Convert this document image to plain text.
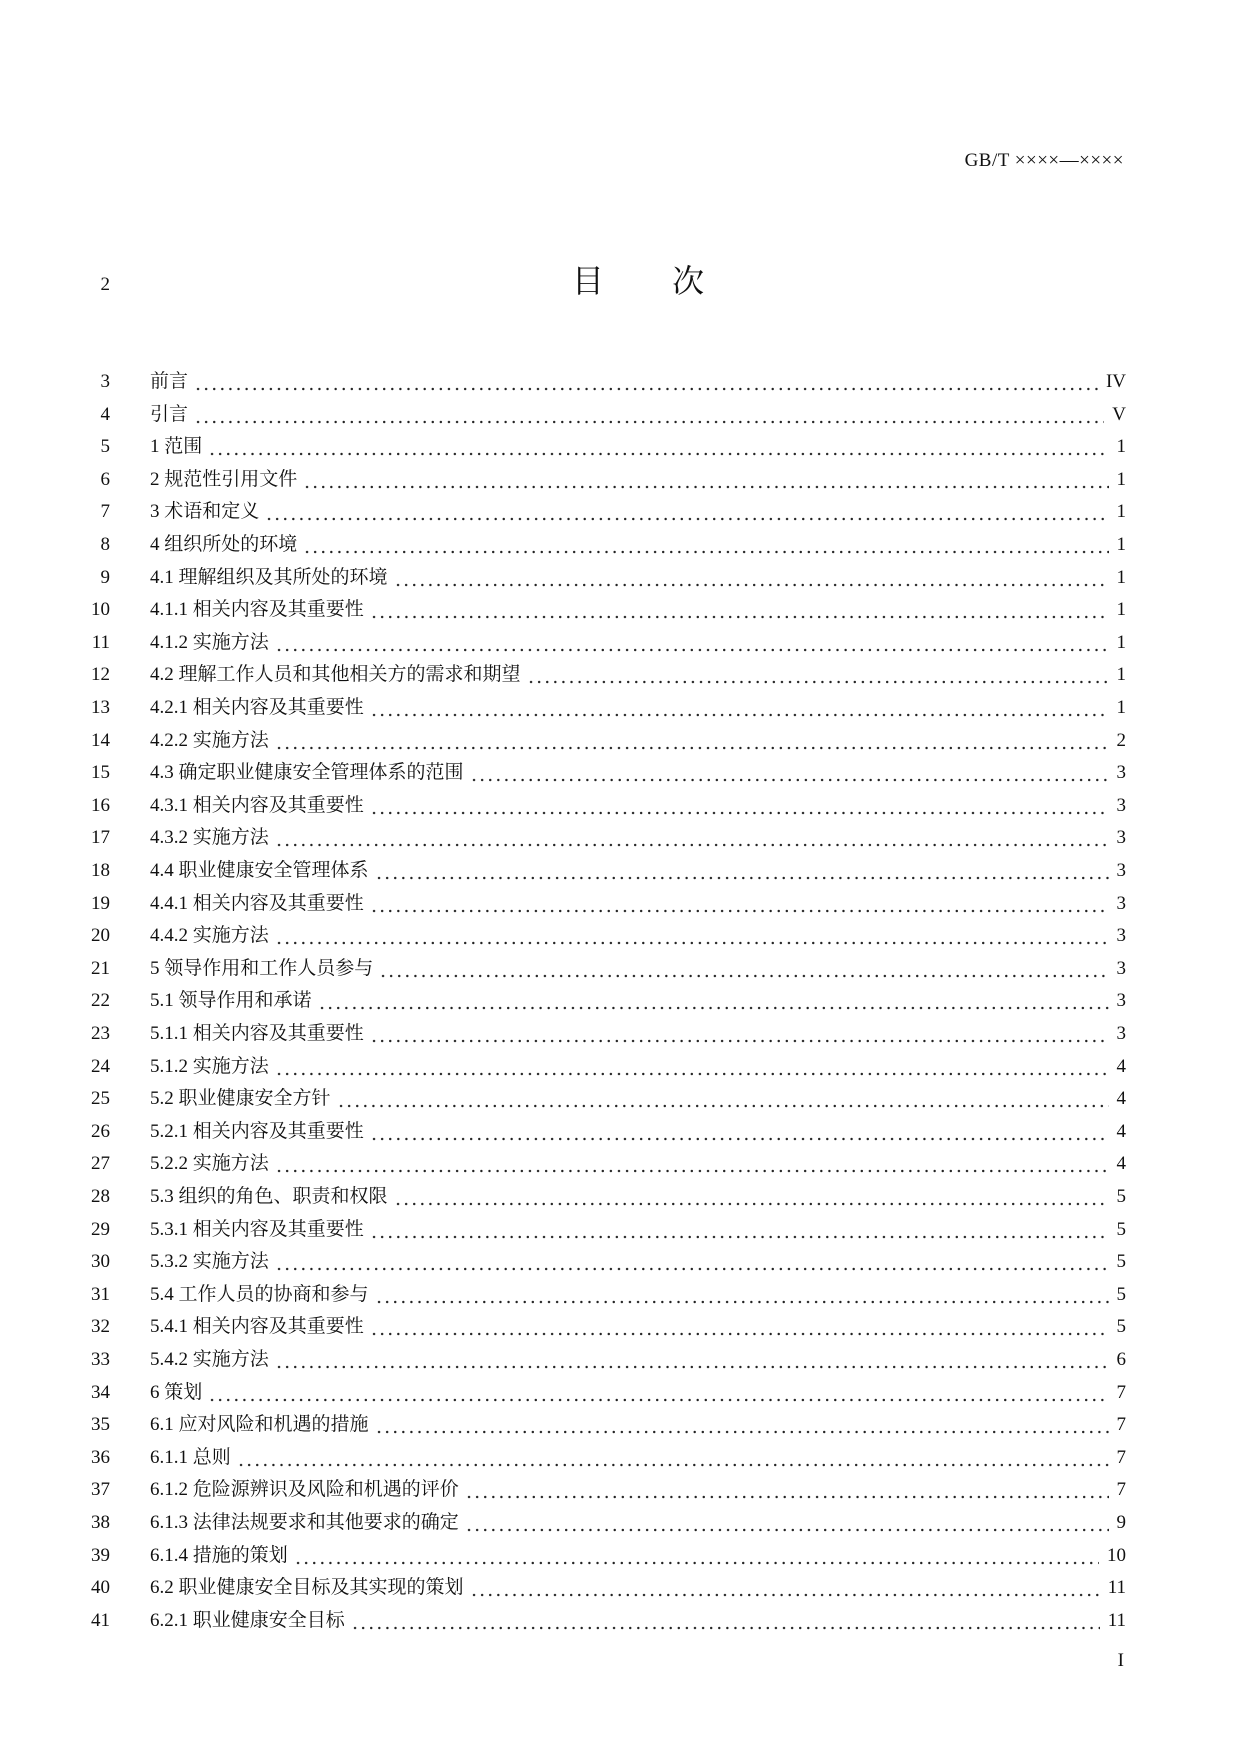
GB/T ××××—××××
2	目 次
3 前言	IV
4 引言	V
5 1 范围	1
6 2 规范性引用文件	1
7 3 术语和定义	1
8 4 组织所处的环境	1
9 4.1 理解组织及其所处的环境	1
10 4.1.1 相关内容及其重要性	1
11 4.1.2 实施方法	1
12 4.2 理解工作人员和其他相关方的需求和期望	1
13 4.2.1 相关内容及其重要性	1
14 4.2.2 实施方法	2
15 4.3 确定职业健康安全管理体系的范围	3
16 4.3.1 相关内容及其重要性	3
17 4.3.2 实施方法	3
18 4.4 职业健康安全管理体系	3
19 4.4.1 相关内容及其重要性	3
20 4.4.2 实施方法	3
21 5 领导作用和工作人员参与	3
22 5.1 领导作用和承诺	3
23 5.1.1 相关内容及其重要性	3
24 5.1.2 实施方法	4
25 5.2 职业健康安全方针	4
26 5.2.1 相关内容及其重要性	4
27 5.2.2 实施方法	4
28 5.3 组织的角色、职责和权限	5
29 5.3.1 相关内容及其重要性	5
30 5.3.2 实施方法	5
31 5.4 工作人员的协商和参与	5
32 5.4.1 相关内容及其重要性	5
33 5.4.2 实施方法	6
34 6 策划	7
35 6.1 应对风险和机遇的措施	7
36 6.1.1 总则	7
37 6.1.2 危险源辨识及风险和机遇的评价	7
38 6.1.3 法律法规要求和其他要求的确定	9
39 6.1.4 措施的策划	10
40 6.2 职业健康安全目标及其实现的策划	11
41 6.2.1 职业健康安全目标	11
I
